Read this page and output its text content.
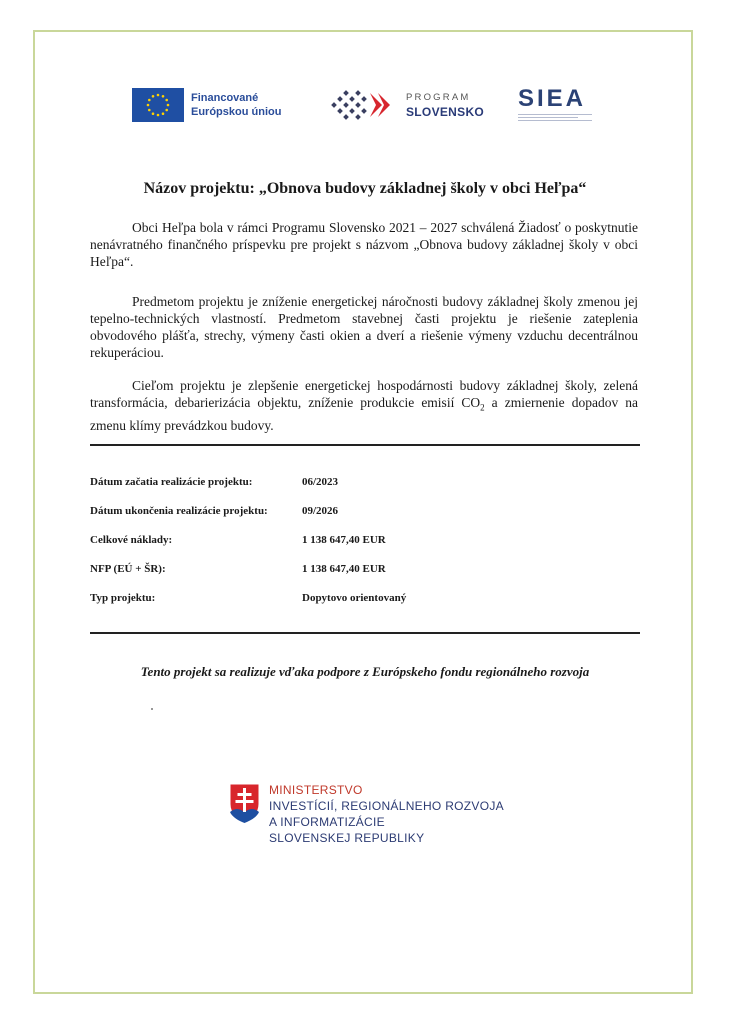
Financované
Európskou úniou
PROGRAM
SLOVENSKO SIEA
Názov projektu: „Obnova budovy základnej školy v obci Heľpa“

Obci Heľpa bola v rámci Programu Slovensko 2021 – 2027 schválená Žiadosť o poskytnutie nenávratného finančného príspevku pre projekt s názvom „Obnova budovy základnej školy v obci Heľpa“.

Predmetom projektu je zníženie energetickej náročnosti budovy základnej školy zmenou jej tepelno-technických vlastností. Predmetom stavebnej časti projektu je riešenie zateplenia obvodového plášťa, strechy, výmeny časti okien a dverí a riešenie výmeny vzduchu decentrálnou rekuperáciou.

Cieľom projektu je zlepšenie energetickej hospodárnosti budovy základnej školy, zelená transformácia, debarierizácia objektu, zníženie produkcie emisií $CO_2$ a zmiernenie dopadov na zmenu klímy prevádzkou budovy.

Dátum začatia realizácie projektu:	06/2023
Dátum ukončenia realizácie projektu:	09/2026
Celkové náklady:	1 138 647,40 EUR
NFP (EÚ + ŠR):	1 138 647,40 EUR
Typ projektu:	Dopytovo orientovaný
Tento projekt sa realizuje vďaka podpore z Európskeho fondu regionálneho rozvoja
MINISTERSTVO
INVESTÍCIÍ, REGIONÁLNEHO ROZVOJA
A INFORMATIZÁCIE
SLOVENSKEJ REPUBLIKY
